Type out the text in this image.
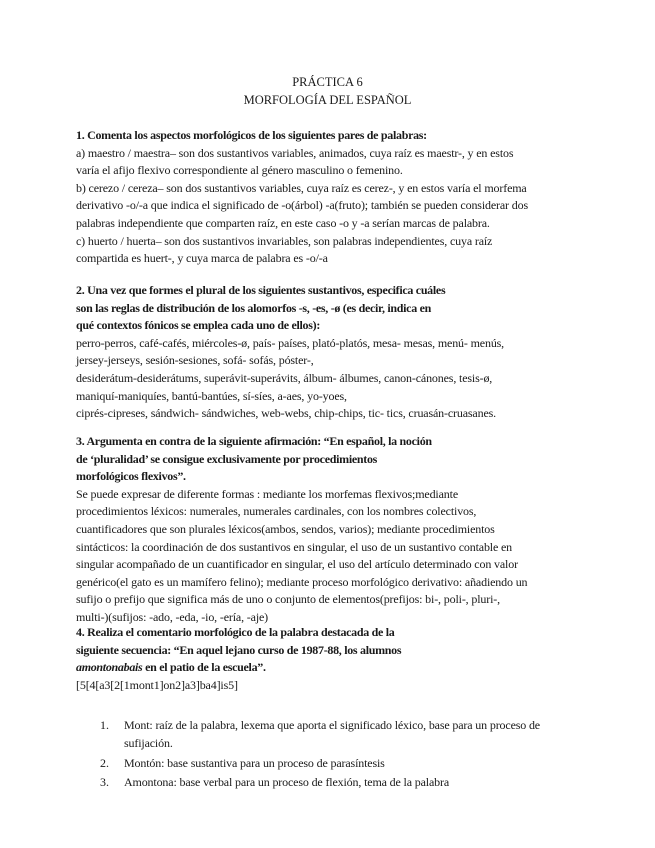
PRÁCTICA 6
MORFOLOGÍA DEL ESPAÑOL
1. Comenta los aspectos morfológicos de los siguientes pares de palabras:
a) maestro / maestra– son dos sustantivos variables, animados, cuya raíz es maestr-, y en estos
varía el afijo flexivo correspondiente al género masculino o femenino.
b) cerezo / cereza– son dos sustantivos variables, cuya raíz es cerez-, y en estos varía el morfema
derivativo -o/-a que indica el significado de -o(árbol) -a(fruto); también se pueden considerar dos
palabras independiente que comparten raíz, en este caso -o y -a serían marcas de palabra.
c) huerto / huerta– son dos sustantivos invariables, son palabras independientes, cuya raíz
compartida es huert-, y cuya marca de palabra es -o/-a
2. Una vez que formes el plural de los siguientes sustantivos, especifica cuáles
son las reglas de distribución de los alomorfos -s, -es, -ø (es decir, indica en
qué contextos fónicos se emplea cada uno de ellos):
perro-perros, café-cafés, miércoles-ø, país- países, plató-platós, mesa- mesas, menú- menús,
jersey-jerseys, sesión-sesiones, sofá- sofás, póster-,
desiderátum-desiderátums, superávit-superávits, álbum- álbumes, canon-cánones, tesis-ø,
maniquí-maniquíes, bantú-bantúes, sí-síes, a-aes, yo-yoes,
ciprés-cipreses, sándwich- sándwiches, web-webs, chip-chips, tic- tics, cruasán-cruasanes.
3. Argumenta en contra de la siguiente afirmación: “En español, la noción
de ‘pluralidad’ se consigue exclusivamente por procedimientos
morfológicos flexivos”.
Se puede expresar de diferente formas : mediante los morfemas flexivos;mediante
procedimientos léxicos: numerales, numerales cardinales, con los nombres colectivos,
cuantificadores que son plurales léxicos(ambos, sendos, varios); mediante procedimientos
sintácticos: la coordinación de dos sustantivos en singular, el uso de un sustantivo contable en
singular acompañado de un cuantificador en singular, el uso del artículo determinado con valor
genérico(el gato es un mamífero felino); mediante proceso morfológico derivativo: añadiendo un
sufijo o prefijo que significa más de uno o conjunto de elementos(prefijos: bi-, poli-, pluri-,
multi-)(sufijos: -ado, -eda, -io, -ería, -aje)
4. Realiza el comentario morfológico de la palabra destacada de la
siguiente secuencia: “En aquel lejano curso de 1987-88, los alumnos
amontonabais en el patio de la escuela”.
[5[4[a3[2[1mont1]on2]a3]ba4]is5]
1. Mont: raíz de la palabra, lexema que aporta el significado léxico, base para un proceso de
sufijación.
2. Montón: base sustantiva para un proceso de parasíntesis
3. Amontona: base verbal para un proceso de flexión, tema de la palabra
